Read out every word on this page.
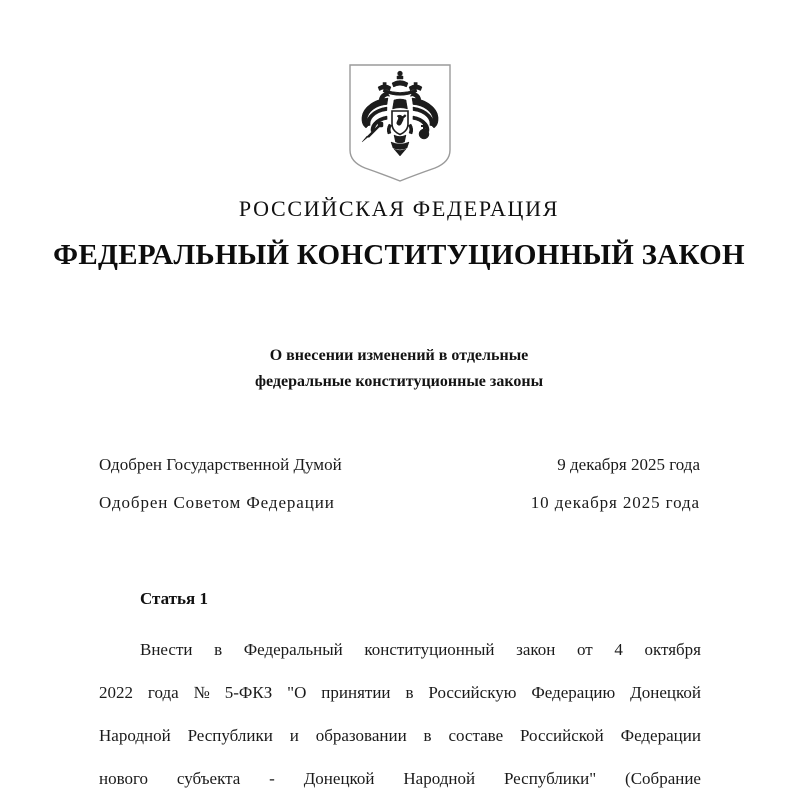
РОССИЙСКАЯ ФЕДЕРАЦИЯ
ФЕДЕРАЛЬНЫЙ КОНСТИТУЦИОННЫЙ ЗАКОН
О внесении изменений в отдельные
федеральные конституционные законы
Одобрен Государственной Думой	9 декабря 2025 года
Одобрен Советом Федерации	10 декабря 2025 года
Статья 1
Внести в Федеральный конституционный закон от 4 октября
2022 года № 5-ФКЗ "О принятии в Российскую Федерацию Донецкой
Народной Республики и образовании в составе Российской Федерации
нового субъекта - Донецкой Народной Республики" (Собрание
